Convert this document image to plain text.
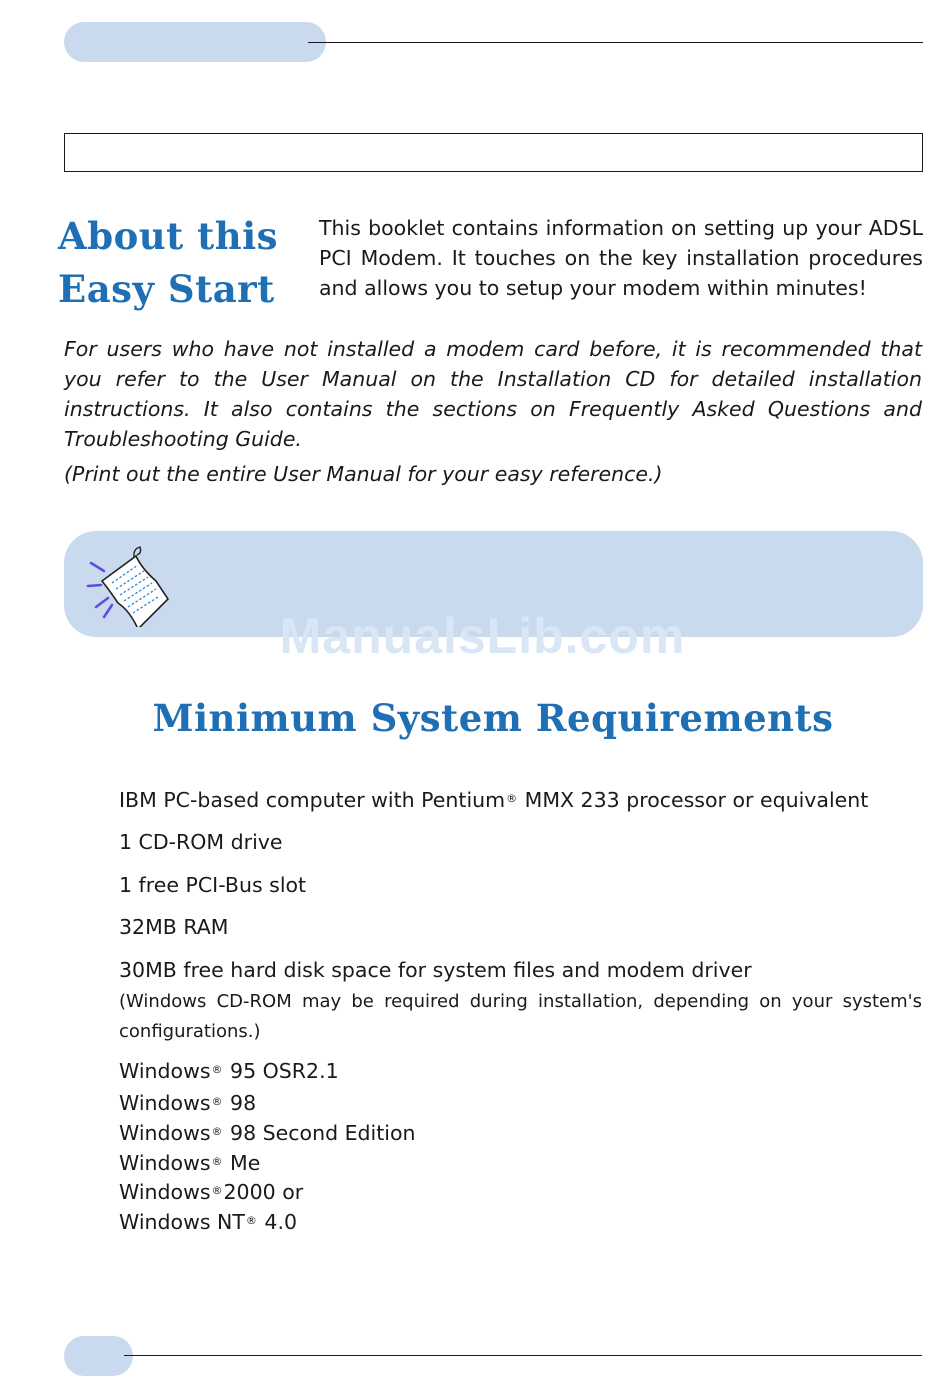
About this
Easy Start

This booklet contains information on setting up your ADSL PCI Modem. It touches on the key installation procedures and allows you to setup your modem within minutes!

For users who have not installed a modem card before, it is recommended that you refer to the User Manual on the Installation CD for detailed installation instructions. It also contains the sections on Frequently Asked Questions and Troubleshooting Guide.

(Print out the entire User Manual for your easy reference.)

ManualsLib.com
Minimum System Requirements
IBM PC-based computer with Pentium® MMX 233 processor or equivalent
1 CD-ROM drive
1 free PCI-Bus slot
32MB RAM
30MB free hard disk space for system files and modem driver

(Windows CD-ROM may be required during installation, depending on your system's configurations.)

Windows® 95 OSR2.1
Windows® 98
Windows® 98 Second Edition
Windows® Me
Windows®2000 or
Windows NT® 4.0
